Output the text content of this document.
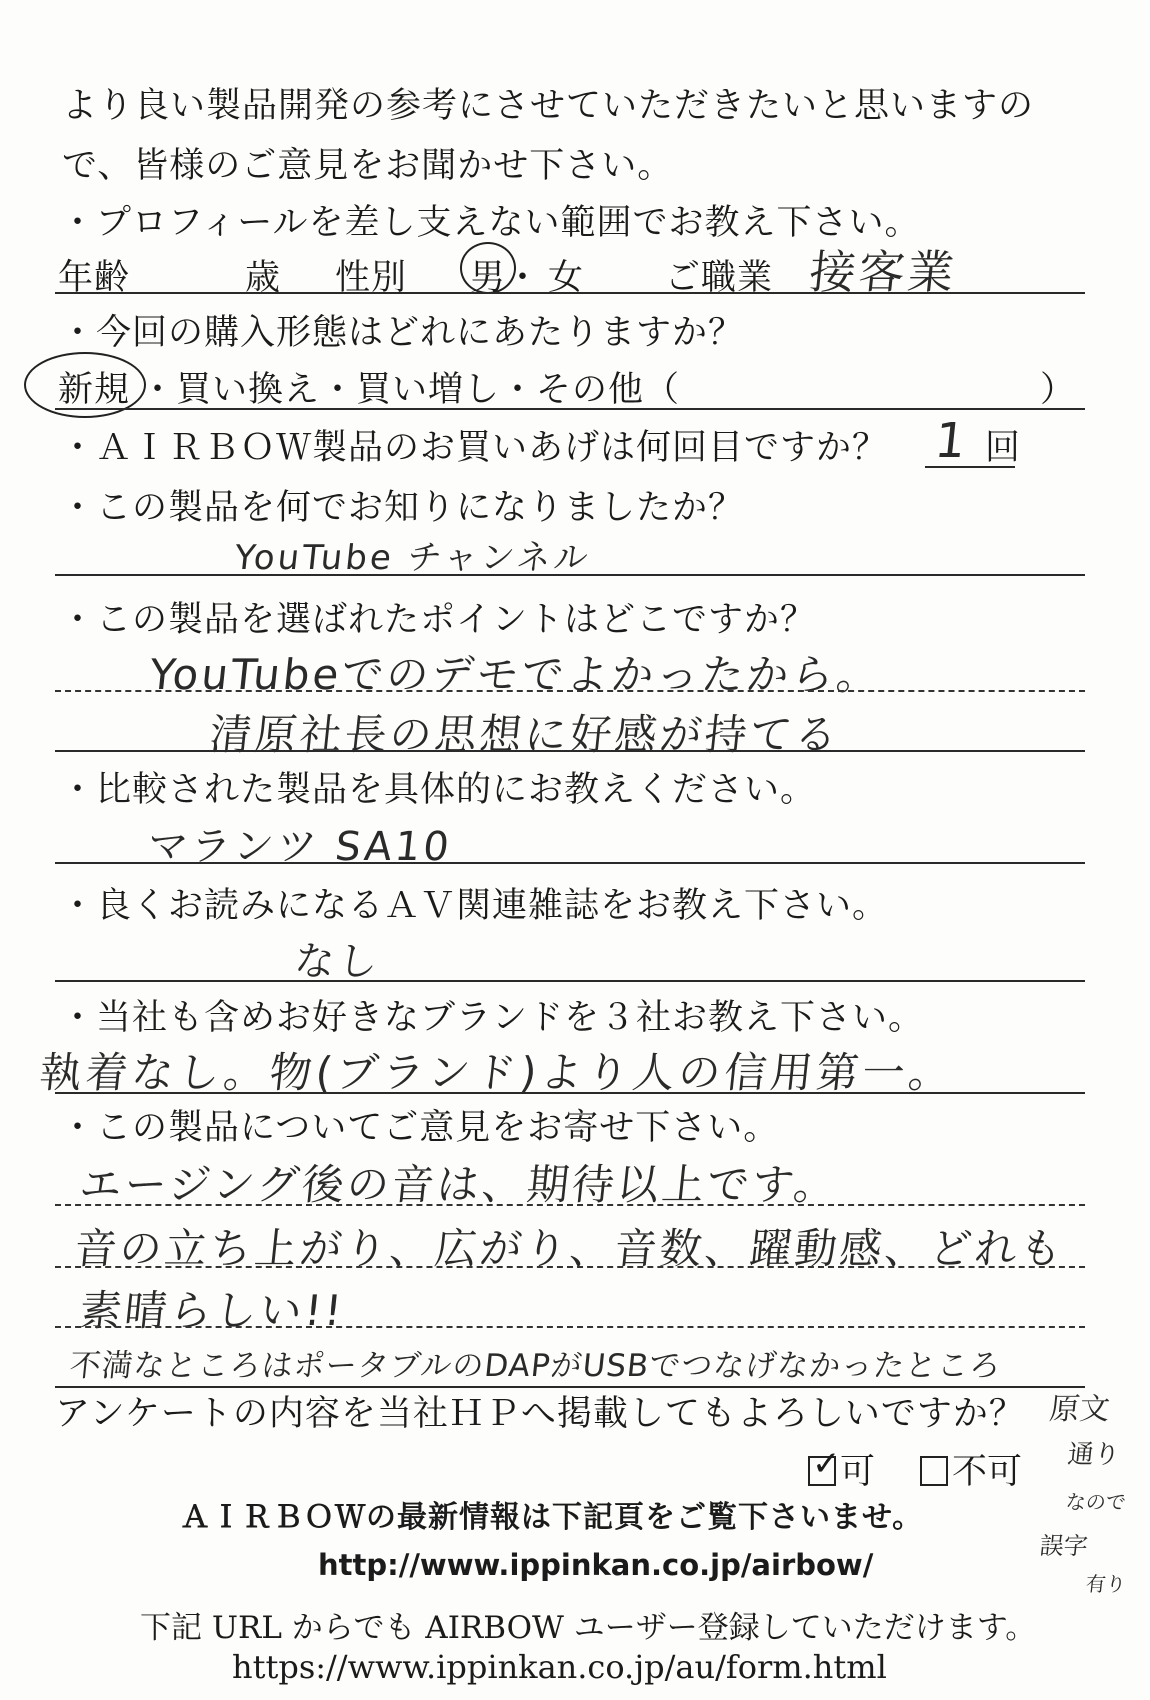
より良い製品開発の参考にさせていただきたいと思いますの
で、皆様のご意見をお聞かせ下さい。
・プロフィールを差し支えない範囲でお教え下さい。
年齢	歳 性別 男
・ 女 ご職業 接客業
・今回の購入形態はどれにあたりますか？
新規 ・買い換え・買い増し・その他（	）
・ＡＩＲＢＯＷ製品のお買いあげは何回目ですか？ 1 回
・この製品を何でお知りになりましたか？
YouTube チャンネル
・この製品を選ばれたポイントはどこですか？
YouTubeでのデモでよかったから。
清原社長の思想に好感が持てる
・比較された製品を具体的にお教えください。
マランツ SA10
・良くお読みになるＡＶ関連雑誌をお教え下さい。
なし
・当社も含めお好きなブランドを３社お教え下さい。
執着なし。物(ブランド)より人の信用第一。
・この製品についてご意見をお寄せ下さい。
エージング後の音は、期待以上です。
音の立ち上がり、広がり、音数、躍動感、どれも
素晴らしい!!
不満なところはポータブルのDAPがUSBでつなげなかったところ
アンケートの内容を当社ＨＰへ掲載してもよろしいですか？
✓ 可	不可
原文
通り
なので
誤字
有り
ＡＩＲＢＯＷの最新情報は下記頁をご覧下さいませ。
http://www.ippinkan.co.jp/airbow/
下記 URL からでも AIRBOW ユーザー登録していただけます。
https://www.ippinkan.co.jp/au/form.html
